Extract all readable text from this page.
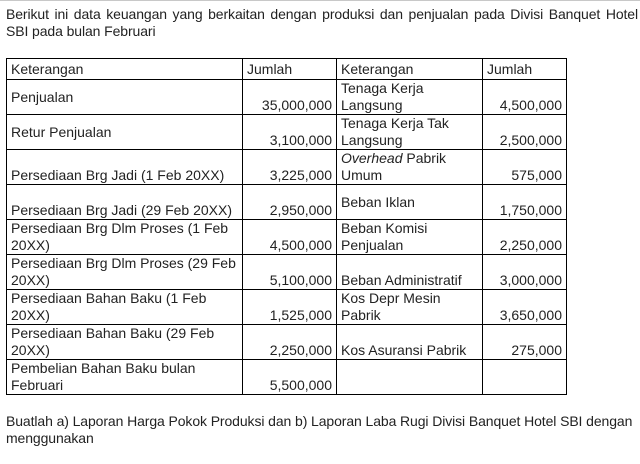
Berikut ini data keuangan yang berkaitan dengan produksi dan penjualan pada Divisi Banquet Hotel SBI pada bulan Februari
Keterangan	Jumlah	Keterangan	Jumlah
Penjualan	35,000,000	Tenaga Kerja Langsung	4,500,000
Retur Penjualan	3,100,000	Tenaga Kerja Tak Langsung	2,500,000
Persediaan Brg Jadi (1 Feb 20XX)	3,225,000	Overhead Pabrik Umum	575,000
Persediaan Brg Jadi (29 Feb 20XX)	2,950,000	Beban Iklan	1,750,000
Persediaan Brg Dlm Proses (1 Feb 20XX)	4,500,000	Beban Komisi Penjualan	2,250,000
Persediaan Brg Dlm Proses (29 Feb 20XX)	5,100,000	Beban Administratif	3,000,000
Persediaan Bahan Baku (1 Feb 20XX)	1,525,000	Kos Depr Mesin Pabrik	3,650,000
Persediaan Bahan Baku (29 Feb 20XX)	2,250,000	Kos Asuransi Pabrik	275,000
Pembelian Bahan Baku bulan Februari	5,500,000		
Buatlah a) Laporan Harga Pokok Produksi dan b) Laporan Laba Rugi Divisi Banquet Hotel SBI dengan menggunakan
